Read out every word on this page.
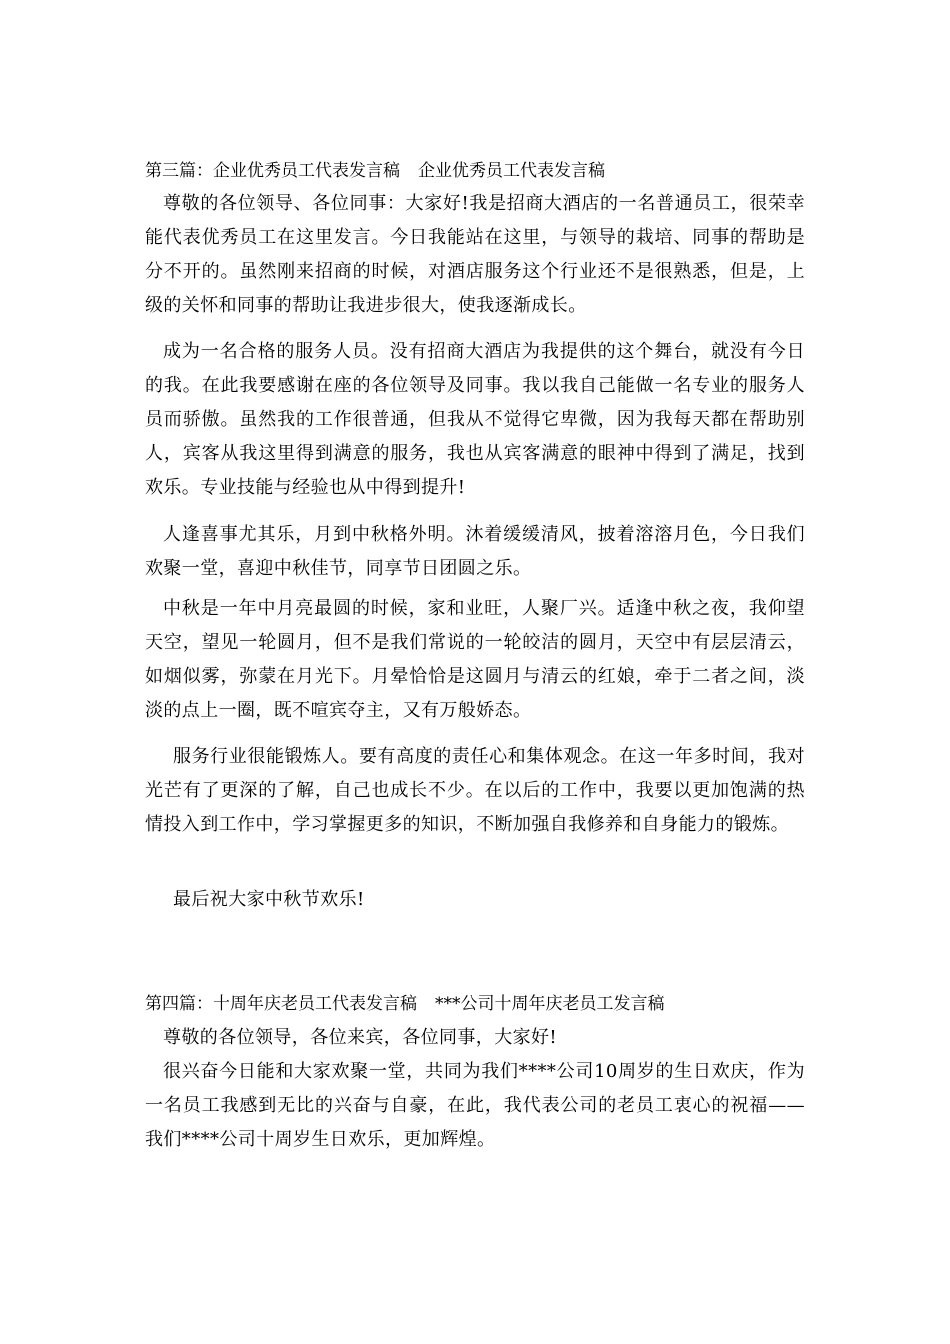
第三篇：企业优秀员工代表发言稿 企业优秀员工代表发言稿

尊敬的各位领导、各位同事：大家好!我是招商大酒店的一名普通员工，很荣幸能代表优秀员工在这里发言。今日我能站在这里，与领导的栽培、同事的帮助是分不开的。虽然刚来招商的时候，对酒店服务这个行业还不是很熟悉，但是，上级的关怀和同事的帮助让我进步很大，使我逐渐成长。

成为一名合格的服务人员。没有招商大酒店为我提供的这个舞台，就没有今日的我。在此我要感谢在座的各位领导及同事。我以我自己能做一名专业的服务人员而骄傲。虽然我的工作很普通，但我从不觉得它卑微，因为我每天都在帮助别人，宾客从我这里得到满意的服务，我也从宾客满意的眼神中得到了满足，找到欢乐。专业技能与经验也从中得到提升!

人逢喜事尤其乐，月到中秋格外明。沐着缓缓清风，披着溶溶月色，今日我们欢聚一堂，喜迎中秋佳节，同享节日团圆之乐。

中秋是一年中月亮最圆的时候，家和业旺，人聚厂兴。适逢中秋之夜，我仰望天空，望见一轮圆月，但不是我们常说的一轮皎洁的圆月，天空中有层层清云，如烟似雾，弥蒙在月光下。月晕恰恰是这圆月与清云的红娘，牵于二者之间，淡淡的点上一圈，既不喧宾夺主，又有万般娇态。

服务行业很能锻炼人。要有高度的责任心和集体观念。在这一年多时间，我对光芒有了更深的了解，自己也成长不少。在以后的工作中，我要以更加饱满的热情投入到工作中，学习掌握更多的知识，不断加强自我修养和自身能力的锻炼。

最后祝大家中秋节欢乐!

第四篇：十周年庆老员工代表发言稿 ***公司十周年庆老员工发言稿

尊敬的各位领导，各位来宾，各位同事，大家好!

很兴奋今日能和大家欢聚一堂，共同为我们****公司10周岁的生日欢庆，作为一名员工我感到无比的兴奋与自豪，在此，我代表公司的老员工衷心的祝福——我们****公司十周岁生日欢乐，更加辉煌。
